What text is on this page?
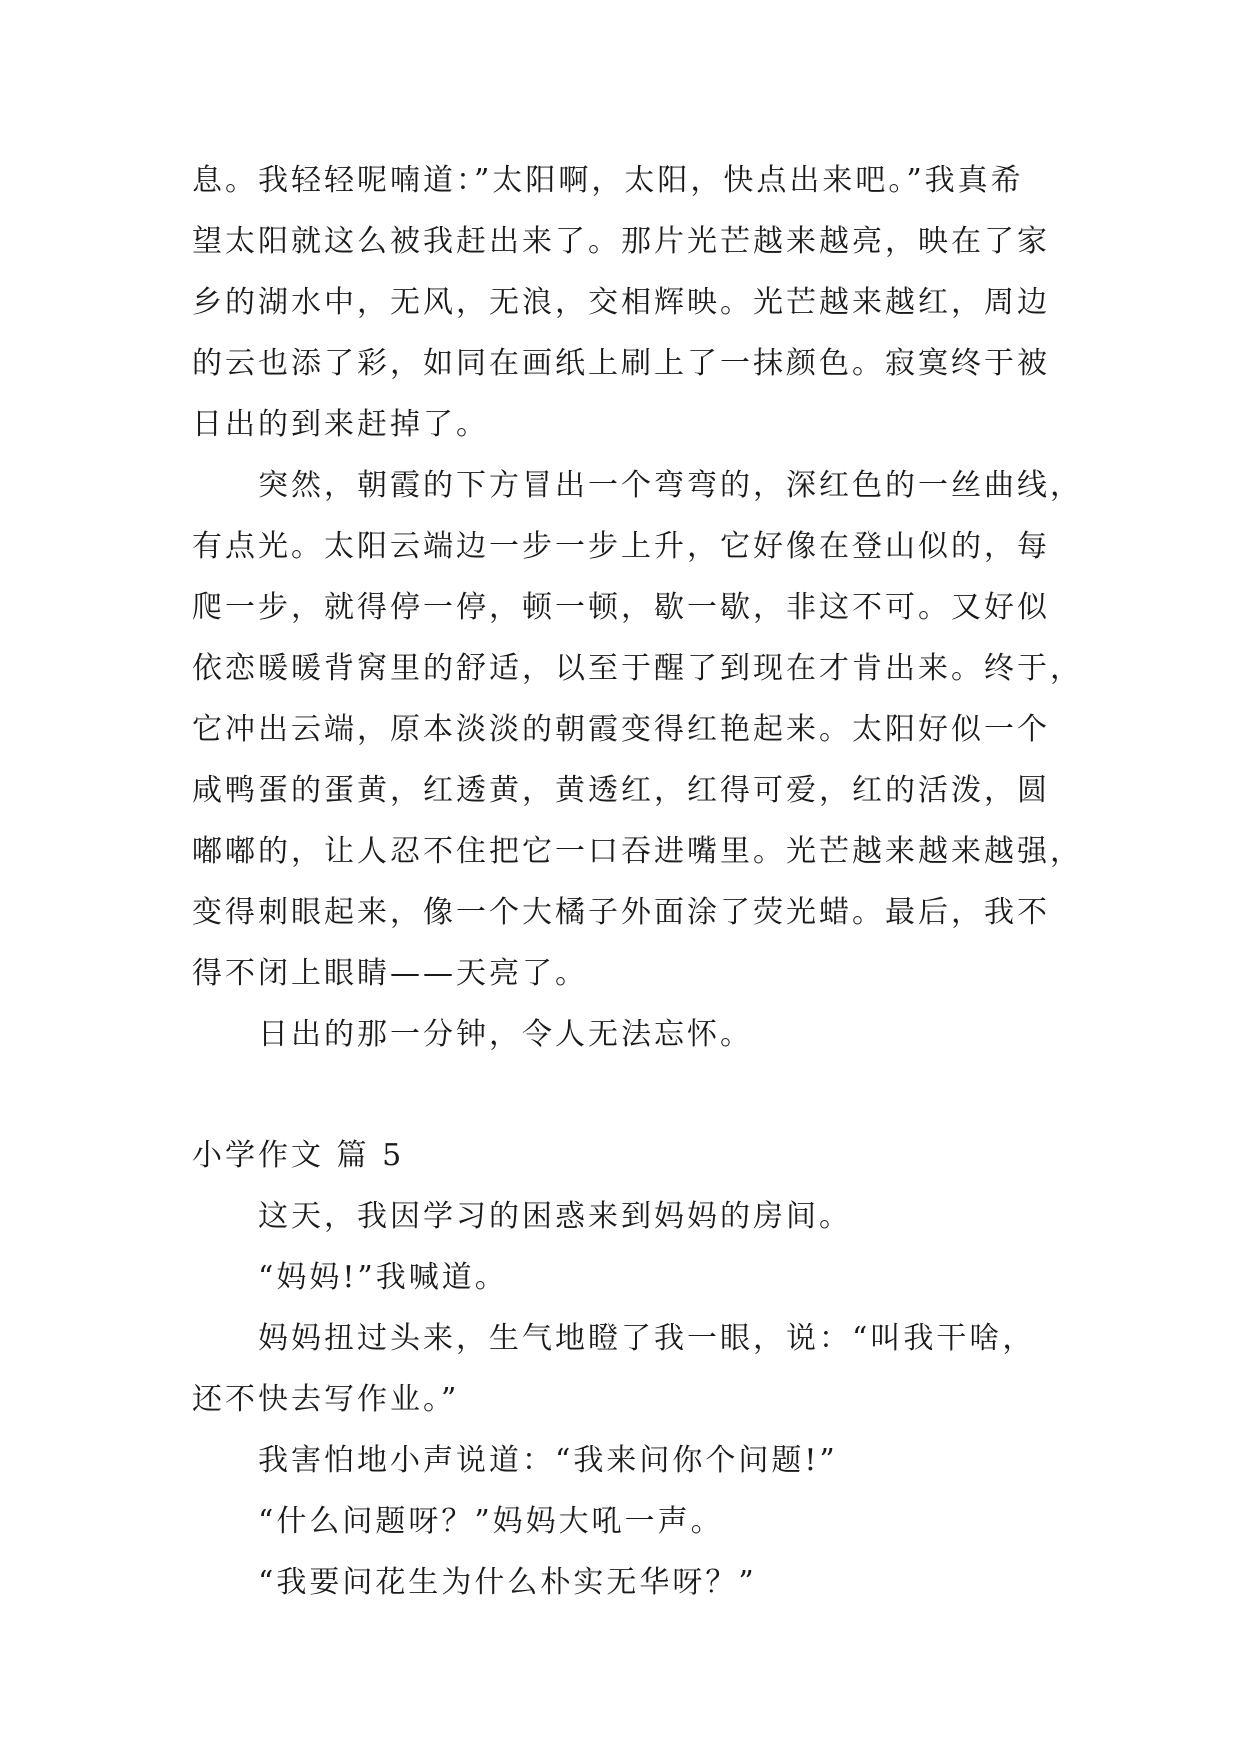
息。我轻轻呢喃道：”太阳啊，太阳，快点出来吧。”我真希
望太阳就这么被我赶出来了。那片光芒越来越亮，映在了家
乡的湖水中，无风，无浪，交相辉映。光芒越来越红，周边
的云也添了彩，如同在画纸上刷上了一抹颜色。寂寞终于被
日出的到来赶掉了。
突然，朝霞的下方冒出一个弯弯的，深红色的一丝曲线，
有点光。太阳云端边一步一步上升，它好像在登山似的，每
爬一步，就得停一停，顿一顿，歇一歇，非这不可。又好似
依恋暖暖背窝里的舒适，以至于醒了到现在才肯出来。终于，
它冲出云端，原本淡淡的朝霞变得红艳起来。太阳好似一个
咸鸭蛋的蛋黄，红透黄，黄透红，红得可爱，红的活泼，圆
嘟嘟的，让人忍不住把它一口吞进嘴里。光芒越来越来越强，
变得刺眼起来，像一个大橘子外面涂了荧光蜡。最后，我不
得不闭上眼睛——天亮了。
日出的那一分钟，令人无法忘怀。
小学作文 篇 5
这天，我因学习的困惑来到妈妈的房间。
“妈妈!”我喊道。
妈妈扭过头来，生气地瞪了我一眼，说：“叫我干啥，
还不快去写作业。”
我害怕地小声说道：“我来问你个问题!”
“什么问题呀？”妈妈大吼一声。
“我要问花生为什么朴实无华呀？”
